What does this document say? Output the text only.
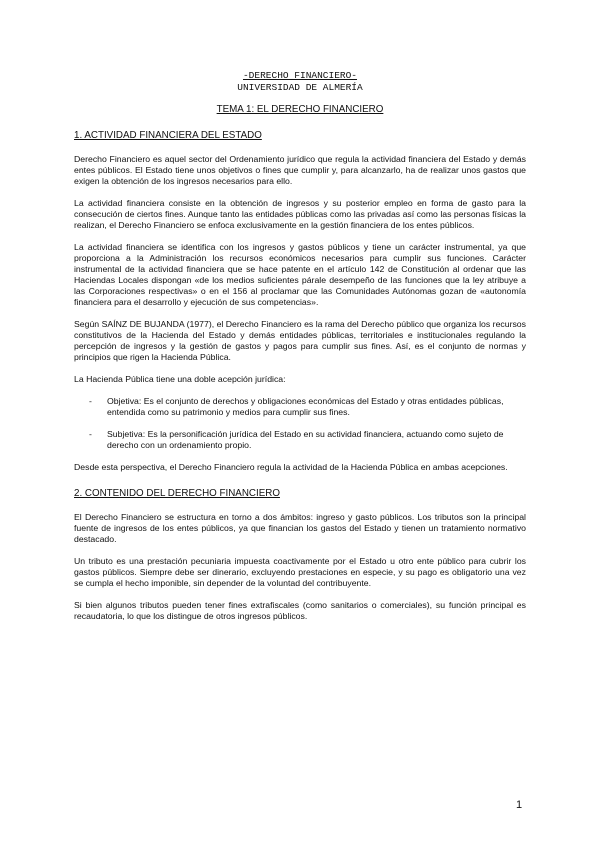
-DERECHO FINANCIERO-
UNIVERSIDAD DE ALMERÍA
TEMA 1: EL DERECHO FINANCIERO
1. ACTIVIDAD FINANCIERA DEL ESTADO

Derecho Financiero es aquel sector del Ordenamiento jurídico que regula la actividad financiera del Estado y demás entes públicos. El Estado tiene unos objetivos o fines que cumplir y, para alcanzarlo, ha de realizar unos gastos que exigen la obtención de los ingresos necesarios para ello.

La actividad financiera consiste en la obtención de ingresos y su posterior empleo en forma de gasto para la consecución de ciertos fines. Aunque tanto las entidades públicas como las privadas así como las personas físicas la realizan, el Derecho Financiero se enfoca exclusivamente en la gestión financiera de los entes públicos.

La actividad financiera se identifica con los ingresos y gastos públicos y tiene un carácter instrumental, ya que proporciona a la Administración los recursos económicos necesarios para cumplir sus funciones. Carácter instrumental de la actividad financiera que se hace patente en el artículo 142 de Constitución al ordenar que las Haciendas Locales dispongan «de los medios suficientes párale desempeño de las funciones que la ley atribuye a las Corporaciones respectivas» o en el 156 al proclamar que las Comunidades Autónomas gozan de «autonomía financiera para el desarrollo y ejecución de sus competencias».

Según SAÍNZ DE BUJANDA (1977), el Derecho Financiero es la rama del Derecho público que organiza los recursos constitutivos de la Hacienda del Estado y demás entidades públicas, territoriales e institucionales regulando la percepción de ingresos y la gestión de gastos y pagos para cumplir sus fines. Así, es el conjunto de normas y principios que rigen la Hacienda Pública.

La Hacienda Pública tiene una doble acepción jurídica:

- Objetiva: Es el conjunto de derechos y obligaciones económicas del Estado y otras entidades públicas, entendida como su patrimonio y medios para cumplir sus fines.
- Subjetiva: Es la personificación jurídica del Estado en su actividad financiera, actuando como sujeto de derecho con un ordenamiento propio.

Desde esta perspectiva, el Derecho Financiero regula la actividad de la Hacienda Pública en ambas acepciones.

2. CONTENIDO DEL DERECHO FINANCIERO

El Derecho Financiero se estructura en torno a dos ámbitos: ingreso y gasto públicos. Los tributos son la principal fuente de ingresos de los entes públicos, ya que financian los gastos del Estado y tienen un tratamiento normativo destacado.

Un tributo es una prestación pecuniaria impuesta coactivamente por el Estado u otro ente público para cubrir los gastos públicos. Siempre debe ser dinerario, excluyendo prestaciones en especie, y su pago es obligatorio una vez se cumpla el hecho imponible, sin depender de la voluntad del contribuyente.

Si bien algunos tributos pueden tener fines extrafiscales (como sanitarios o comerciales), su función principal es recaudatoria, lo que los distingue de otros ingresos públicos.

1
